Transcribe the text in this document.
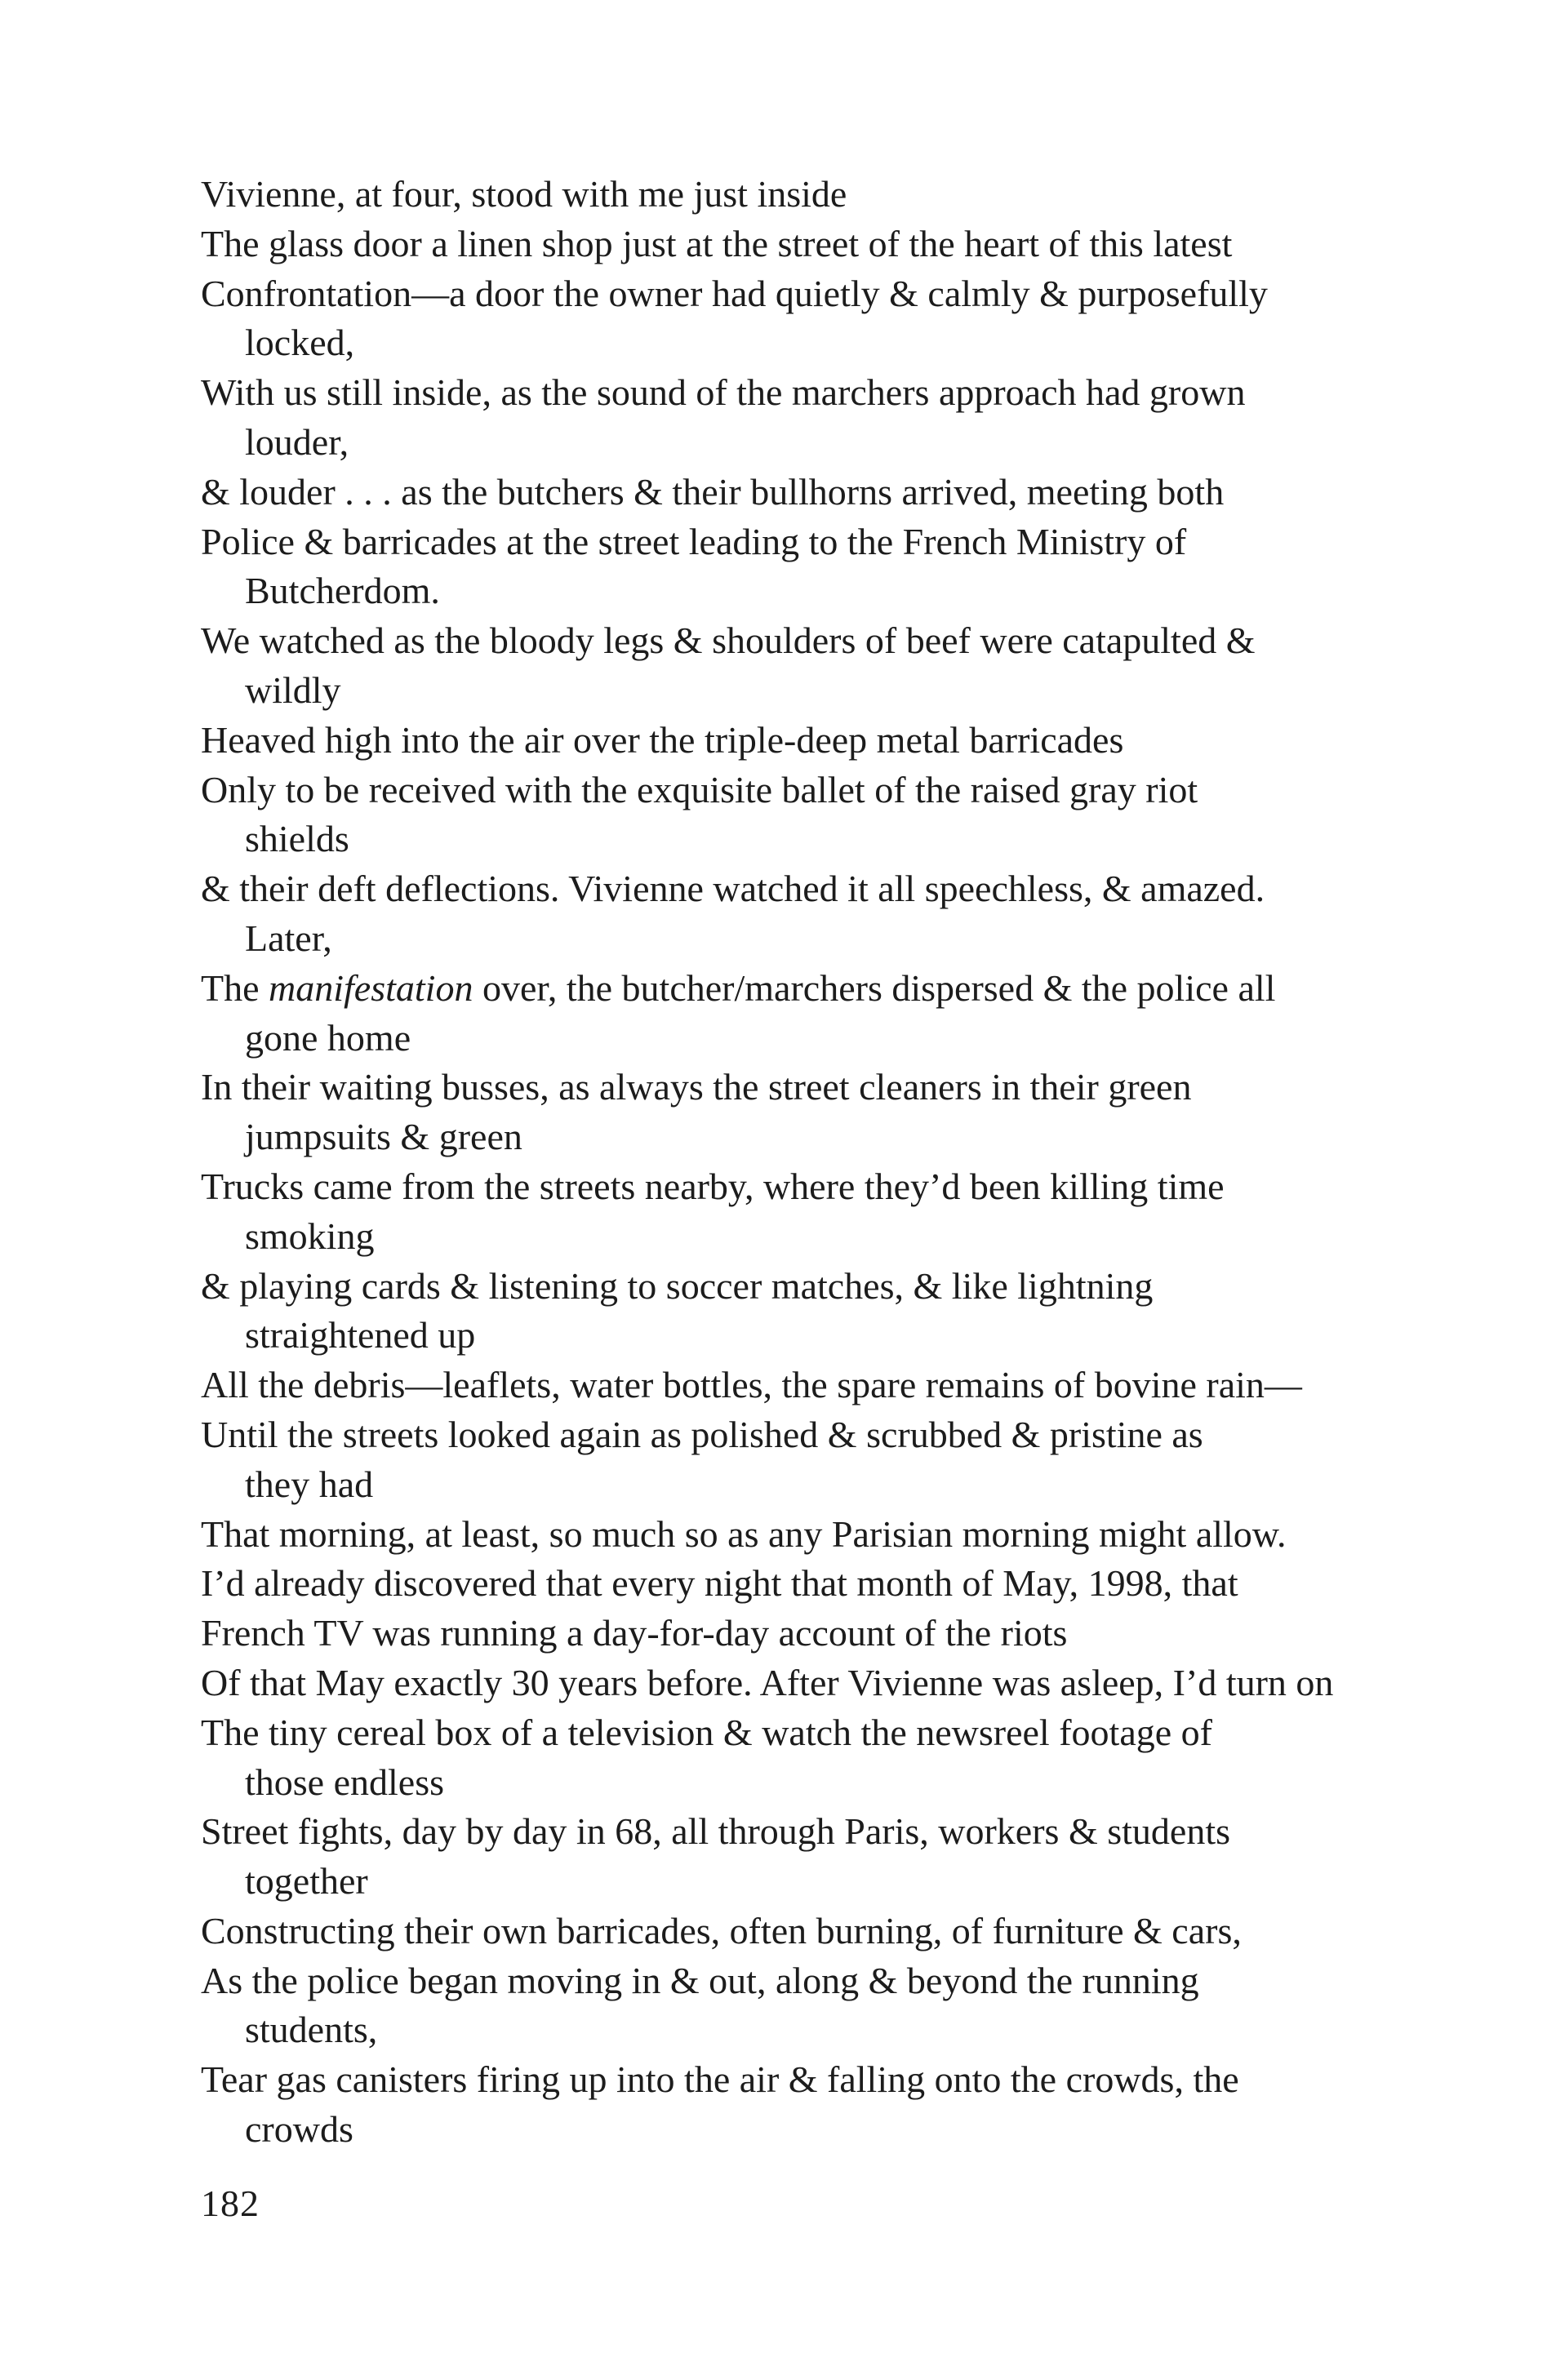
Vivienne, at four, stood with me just inside
The glass door a linen shop just at the street of the heart of this latest
Confrontation—a door the owner had quietly & calmly & purposefully
locked,
With us still inside, as the sound of the marchers approach had grown
louder,
& louder . . . as the butchers & their bullhorns arrived, meeting both
Police & barricades at the street leading to the French Ministry of
Butcherdom.
We watched as the bloody legs & shoulders of beef were catapulted &
wildly
Heaved high into the air over the triple-deep metal barricades
Only to be received with the exquisite ballet of the raised gray riot
shields
& their deft deflections. Vivienne watched it all speechless, & amazed.
Later,
The manifestation over, the butcher/marchers dispersed & the police all
gone home
In their waiting busses, as always the street cleaners in their green
jumpsuits & green
Trucks came from the streets nearby, where they’d been killing time
smoking
& playing cards & listening to soccer matches, & like lightning
straightened up
All the debris—leaflets, water bottles, the spare remains of bovine rain—
Until the streets looked again as polished & scrubbed & pristine as
they had
That morning, at least, so much so as any Parisian morning might allow.
I’d already discovered that every night that month of May, 1998, that
French TV was running a day-for-day account of the riots
Of that May exactly 30 years before. After Vivienne was asleep, I’d turn on
The tiny cereal box of a television & watch the newsreel footage of
those endless
Street fights, day by day in 68, all through Paris, workers & students
together
Constructing their own barricades, often burning, of furniture & cars,
As the police began moving in & out, along & beyond the running
students,
Tear gas canisters firing up into the air & falling onto the crowds, the
crowds
182
